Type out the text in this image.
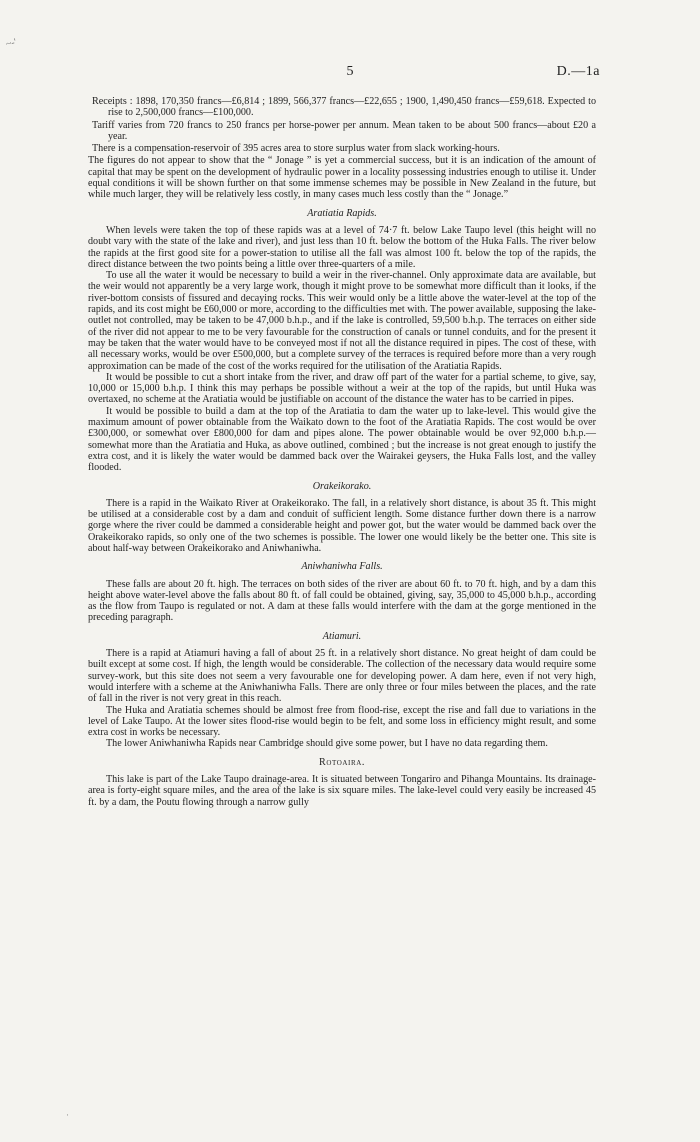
~-'
5	D.—1a

Receipts : 1898, 170,350 francs—£6,814 ; 1899, 566,377 francs—£22,655 ; 1900, 1,490,450 francs—£59,618. Expected to rise to 2,500,000 francs—£100,000.

Tariff varies from 720 francs to 250 francs per horse-power per annum. Mean taken to be about 500 francs—about £20 a year.

There is a compensation-reservoir of 395 acres area to store surplus water from slack working-hours.

The figures do not appear to show that the “ Jonage ” is yet a commercial success, but it is an indication of the amount of capital that may be spent on the development of hydraulic power in a locality possessing industries enough to utilise it. Under equal conditions it will be shown further on that some immense schemes may be possible in New Zealand in the future, but while much larger, they will be relatively less costly, in many cases much less costly than the “ Jonage.”

Aratiatia Rapids.

When levels were taken the top of these rapids was at a level of 74·7 ft. below Lake Taupo level (this height will no doubt vary with the state of the lake and river), and just less than 10 ft. below the bottom of the Huka Falls. The river below the rapids at the first good site for a power-station to utilise all the fall was almost 100 ft. below the top of the rapids, the direct distance between the two points being a little over three-quarters of a mile.

To use all the water it would be necessary to build a weir in the river-channel. Only approximate data are available, but the weir would not apparently be a very large work, though it might prove to be somewhat more difficult than it looks, if the river-bottom consists of fissured and decaying rocks. This weir would only be a little above the water-level at the top of the rapids, and its cost might be £60,000 or more, according to the difficulties met with. The power available, supposing the lake-outlet not controlled, may be taken to be 47,000 b.h.p., and if the lake is controlled, 59,500 b.h.p. The terraces on either side of the river did not appear to me to be very favourable for the construction of canals or tunnel conduits, and for the present it may be taken that the water would have to be conveyed most if not all the distance required in pipes. The cost of these, with all necessary works, would be over £500,000, but a complete survey of the terraces is required before more than a very rough approximation can be made of the cost of the works required for the utilisation of the Aratiatia Rapids.

It would be possible to cut a short intake from the river, and draw off part of the water for a partial scheme, to give, say, 10,000 or 15,000 b.h.p. I think this may perhaps be possible without a weir at the top of the rapids, but until Huka was overtaxed, no scheme at the Aratiatia would be justifiable on account of the distance the water has to be carried in pipes.

It would be possible to build a dam at the top of the Aratiatia to dam the water up to lake-level. This would give the maximum amount of power obtainable from the Waikato down to the foot of the Aratiatia Rapids. The cost would be over £300,000, or somewhat over £800,000 for dam and pipes alone. The power obtainable would be over 92,000 b.h.p.—somewhat more than the Aratiatia and Huka, as above outlined, combined ; but the increase is not great enough to justify the extra cost, and it is likely the water would be dammed back over the Wairakei geysers, the Huka Falls lost, and the valley flooded.

Orakeikorako.

There is a rapid in the Waikato River at Orakeikorako. The fall, in a relatively short distance, is about 35 ft. This might be utilised at a considerable cost by a dam and conduit of sufficient length. Some distance further down there is a narrow gorge where the river could be dammed a considerable height and power got, but the water would be dammed back over the Orakeikorako rapids, so only one of the two schemes is possible. The lower one would likely be the better one. This site is about half-way between Orakeikorako and Aniwhaniwha.

Aniwhaniwha Falls.

These falls are about 20 ft. high. The terraces on both sides of the river are about 60 ft. to 70 ft. high, and by a dam this height above water-level above the falls about 80 ft. of fall could be obtained, giving, say, 35,000 to 45,000 b.h.p., according as the flow from Taupo is regulated or not. A dam at these falls would interfere with the dam at the gorge mentioned in the preceding paragraph.

Atiamuri.

There is a rapid at Atiamuri having a fall of about 25 ft. in a relatively short distance. No great height of dam could be built except at some cost. If high, the length would be considerable. The collection of the necessary data would require some survey-work, but this site does not seem a very favourable one for developing power. A dam here, even if not very high, would interfere with a scheme at the Aniwhaniwha Falls. There are only three or four miles between the places, and the rate of fall in the river is not very great in this reach.

The Huka and Aratiatia schemes should be almost free from flood-rise, except the rise and fall due to variations in the level of Lake Taupo. At the lower sites flood-rise would begin to be felt, and some loss in efficiency might result, and some extra cost in works be necessary.

The lower Aniwhaniwha Rapids near Cambridge should give some power, but I have no data regarding them.

Rotoaira.

This lake is part of the Lake Taupo drainage-area. It is situated between Tongariro and Pihanga Mountains. Its drainage-area is forty-eight square miles, and the area of the lake is six square miles. The lake-level could very easily be increased 45 ft. by a dam, the Poutu flowing through a narrow gully

·
